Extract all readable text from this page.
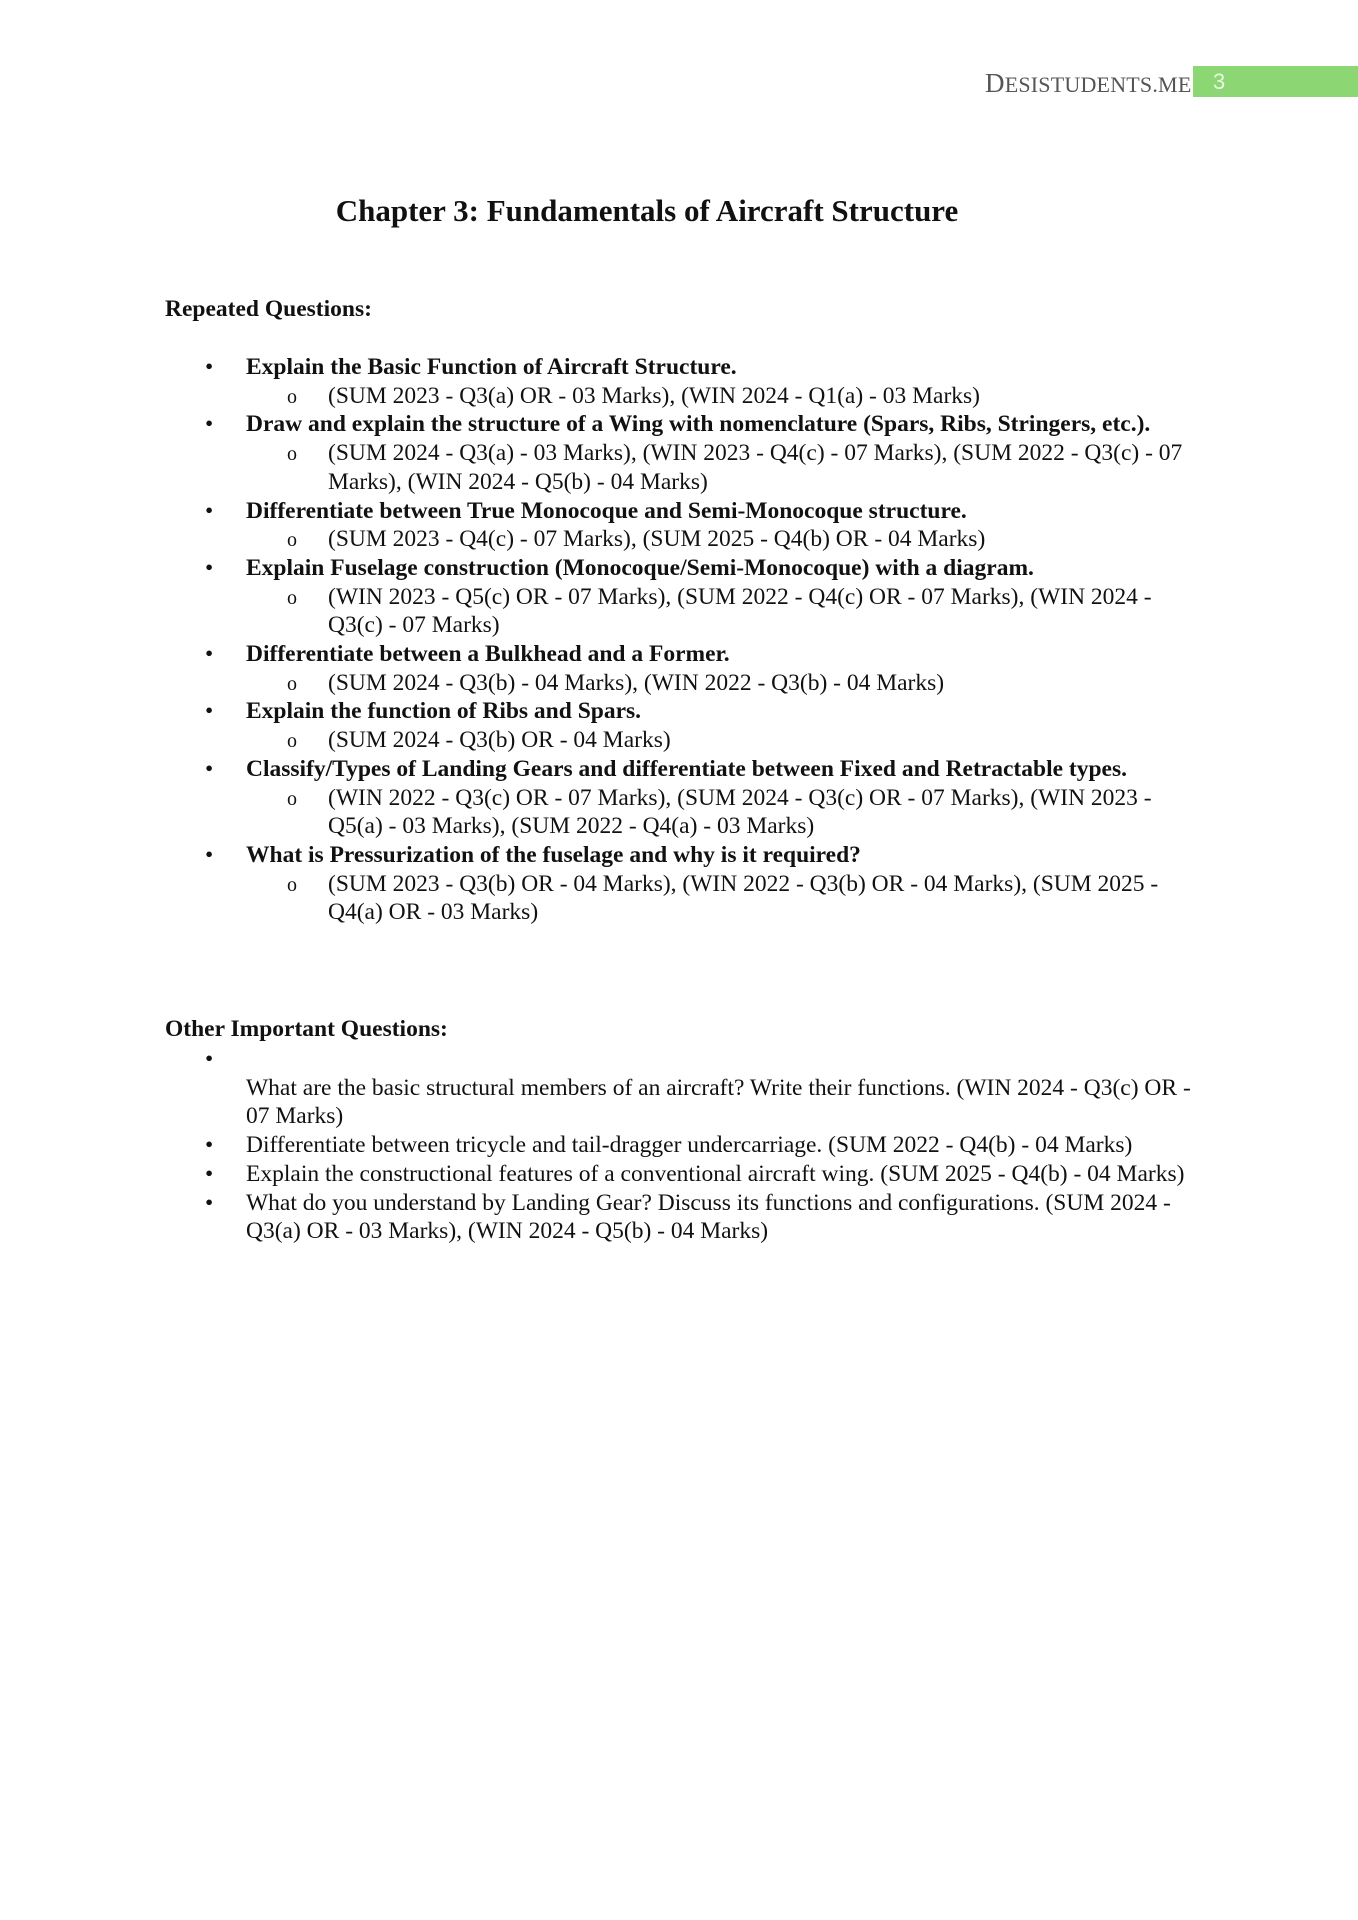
DESISTUDENTS.ME 3
Chapter 3: Fundamentals of Aircraft Structure
Repeated Questions:
• Explain the Basic Function of Aircraft Structure.
o (SUM 2023 - Q3(a) OR - 03 Marks), (WIN 2024 - Q1(a) - 03 Marks)
• Draw and explain the structure of a Wing with nomenclature (Spars, Ribs, Stringers, etc.).
o (SUM 2024 - Q3(a) - 03 Marks), (WIN 2023 - Q4(c) - 07 Marks), (SUM 2022 - Q3(c) - 07 Marks), (WIN 2024 - Q5(b) - 04 Marks)
• Differentiate between True Monocoque and Semi-Monocoque structure.
o (SUM 2023 - Q4(c) - 07 Marks), (SUM 2025 - Q4(b) OR - 04 Marks)
• Explain Fuselage construction (Monocoque/Semi-Monocoque) with a diagram.
o (WIN 2023 - Q5(c) OR - 07 Marks), (SUM 2022 - Q4(c) OR - 07 Marks), (WIN 2024 - Q3(c) - 07 Marks)
• Differentiate between a Bulkhead and a Former.
o (SUM 2024 - Q3(b) - 04 Marks), (WIN 2022 - Q3(b) - 04 Marks)
• Explain the function of Ribs and Spars.
o (SUM 2024 - Q3(b) OR - 04 Marks)
• Classify/Types of Landing Gears and differentiate between Fixed and Retractable types.
o (WIN 2022 - Q3(c) OR - 07 Marks), (SUM 2024 - Q3(c) OR - 07 Marks), (WIN 2023 - Q5(a) - 03 Marks), (SUM 2022 - Q4(a) - 03 Marks)
• What is Pressurization of the fuselage and why is it required?
o (SUM 2023 - Q3(b) OR - 04 Marks), (WIN 2022 - Q3(b) OR - 04 Marks), (SUM 2025 - Q4(a) OR - 03 Marks)
Other Important Questions:
•
What are the basic structural members of an aircraft? Write their functions. (WIN 2024 - Q3(c) OR - 07 Marks)
• Differentiate between tricycle and tail-dragger undercarriage. (SUM 2022 - Q4(b) - 04 Marks)
• Explain the constructional features of a conventional aircraft wing. (SUM 2025 - Q4(b) - 04 Marks)
• What do you understand by Landing Gear? Discuss its functions and configurations. (SUM 2024 - Q3(a) OR - 03 Marks), (WIN 2024 - Q5(b) - 04 Marks)
